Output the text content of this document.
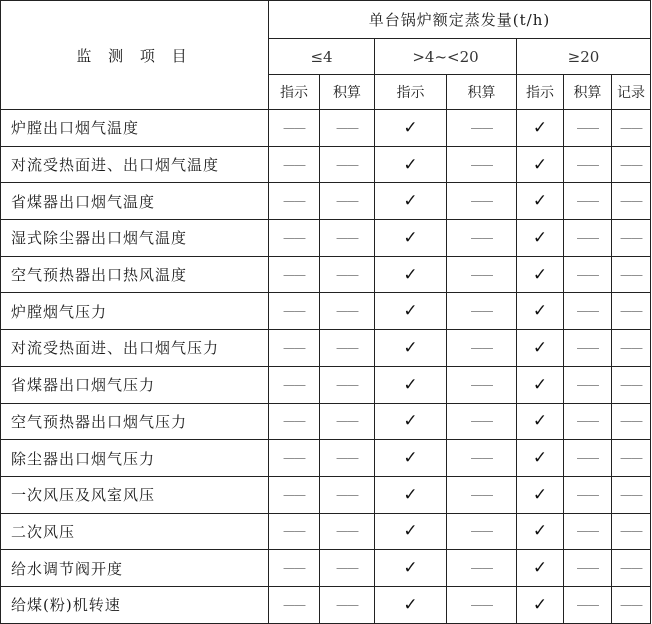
监 测 项 目	单台锅炉额定蒸发量(t/h)						
	≤4		>4~<20		≥20		
	指示	积算	指示	积算	指示	积算	记录
炉膛出口烟气温度	——	——	✓	——	✓	——	——
对流受热面进、出口烟气温度	——	——	✓	——	✓	——	——
省煤器出口烟气温度	——	——	✓	——	✓	——	——
湿式除尘器出口烟气温度	——	——	✓	——	✓	——	——
空气预热器出口热风温度	——	——	✓	——	✓	——	——
炉膛烟气压力	——	——	✓	——	✓	——	——
对流受热面进、出口烟气压力	——	——	✓	——	✓	——	——
省煤器出口烟气压力	——	——	✓	——	✓	——	——
空气预热器出口烟气压力	——	——	✓	——	✓	——	——
除尘器出口烟气压力	——	——	✓	——	✓	——	——
一次风压及风室风压	——	——	✓	——	✓	——	——
二次风压	——	——	✓	——	✓	——	——
给水调节阀开度	——	——	✓	——	✓	——	——
给煤(粉)机转速	——	——	✓	——	✓	——	——
